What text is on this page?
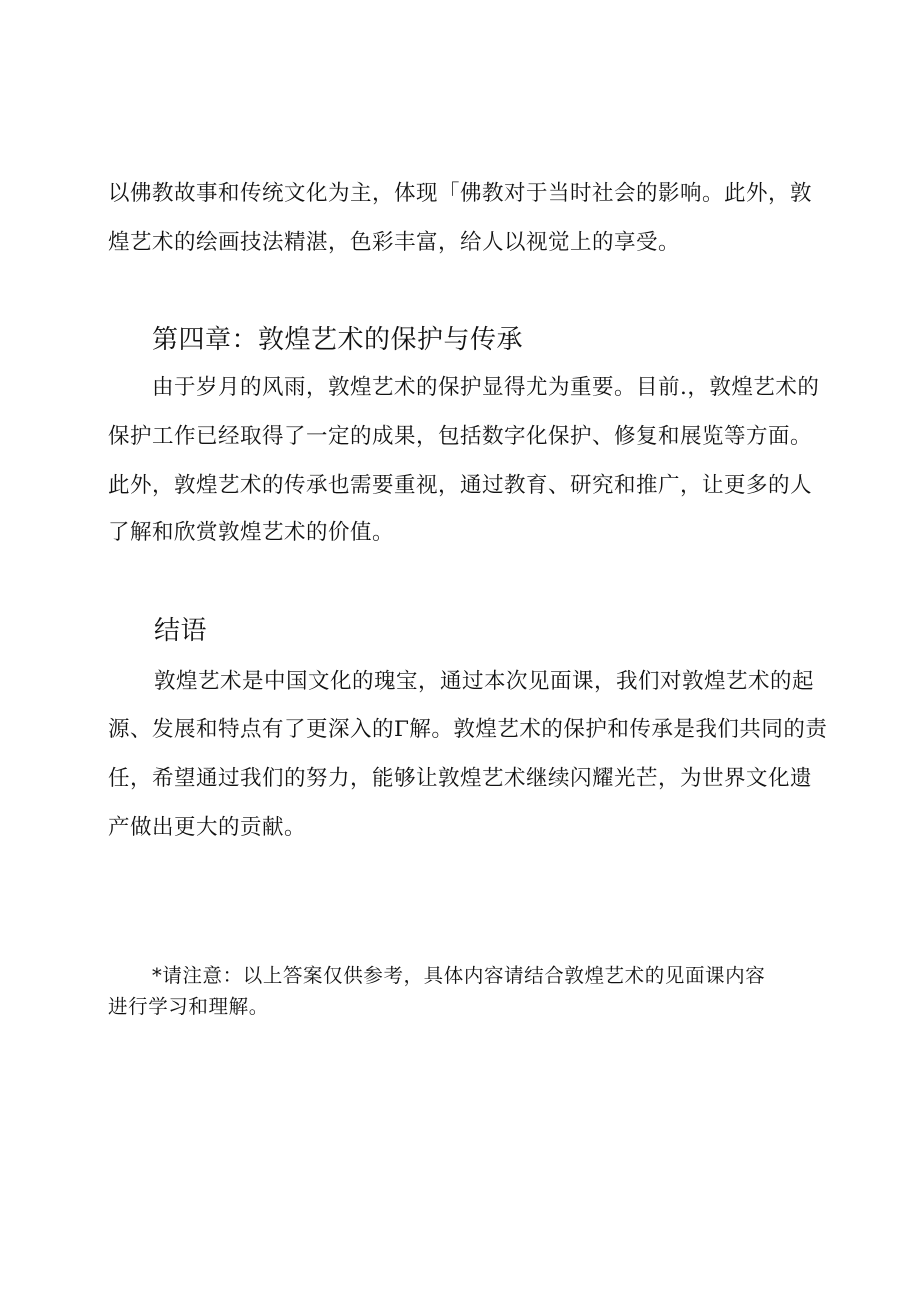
以佛教故事和传统文化为主，体现「佛教对于当时社会的影响。此外，敦
煌艺术的绘画技法精湛，色彩丰富，给人以视觉上的享受。
第四章：敦煌艺术的保护与传承
由于岁月的风雨，敦煌艺术的保护显得尤为重要。目前.，敦煌艺术的
保护工作已经取得了一定的成果，包括数字化保护、修复和展览等方面。
此外，敦煌艺术的传承也需要重视，通过教育、研究和推广，让更多的人
了解和欣赏敦煌艺术的价值。
结语
敦煌艺术是中国文化的瑰宝，通过本次见面课，我们对敦煌艺术的起
源、发展和特点有了更深入的Γ解。敦煌艺术的保护和传承是我们共同的责
任，希望通过我们的努力，能够让敦煌艺术继续闪耀光芒，为世界文化遗
产做出更大的贡献。
*请注意：以上答案仅供参考，具体内容请结合敦煌艺术的见面课内容
进行学习和理解。
